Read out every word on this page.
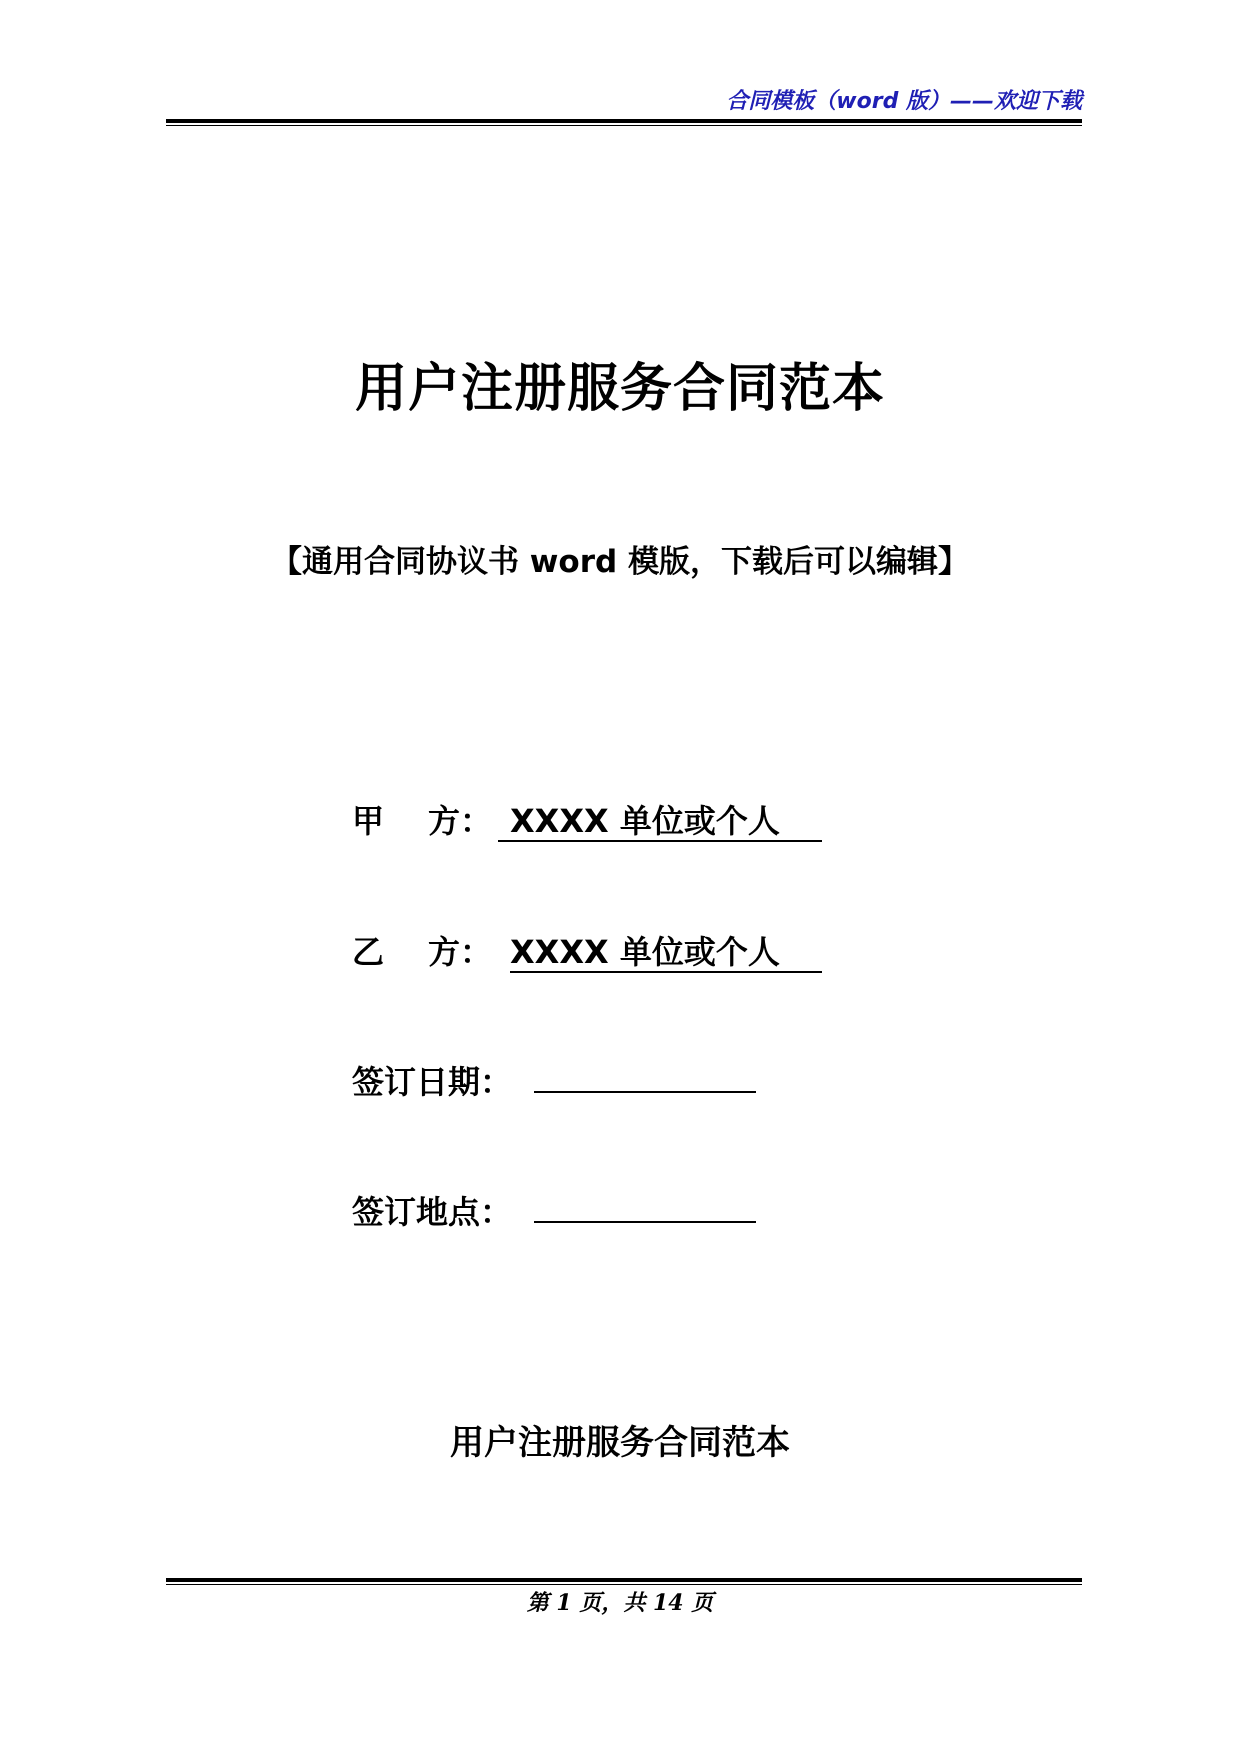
合同模板（word 版）——欢迎下载
用户注册服务合同范本
【通用合同协议书 word 模版，下载后可以编辑】
甲 方： XXXX 单位或个人
乙 方： XXXX 单位或个人
签订日期：
签订地点：
用户注册服务合同范本
第 1 页，共 14 页
